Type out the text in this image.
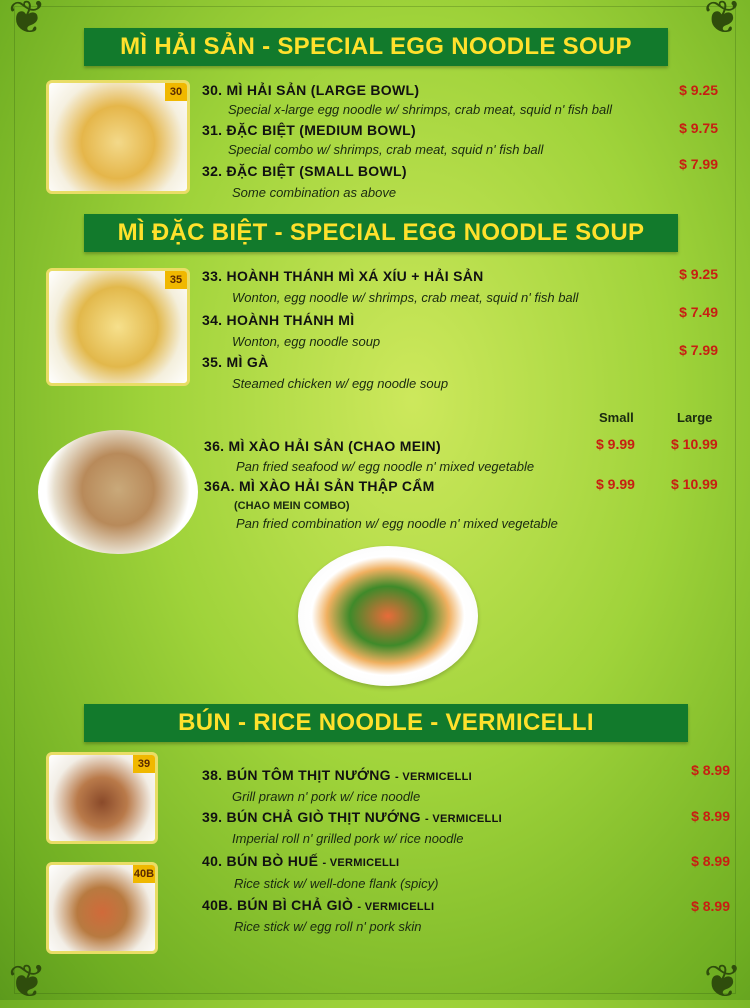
❦	❦
❦	❦
MÌ HẢI SẢN - SPECIAL EGG NOODLE SOUP
30	30. MÌ HẢI SẢN (LARGE BOWL)
Special x-large egg noodle w/ shrimps, crab meat, squid n' fish ball
$ 9.25
31. ĐẶC BIỆT (MEDIUM BOWL)
Special combo w/ shrimps, crab meat, squid n' fish ball
$ 9.75
32. ĐẶC BIỆT (SMALL BOWL)
Some combination as above
$ 7.99
MÌ ĐẶC BIỆT - SPECIAL EGG NOODLE SOUP
35	33. HOÀNH THÁNH MÌ XÁ XÍU + HẢI SẢN
Wonton, egg noodle w/ shrimps, crab meat, squid n' fish ball
$ 9.25
34. HOÀNH THÁNH MÌ
Wonton, egg noodle soup
$ 7.49
35. MÌ GÀ
Steamed chicken w/ egg noodle soup
$ 7.99
Small	Large
36. MÌ XÀO HẢI SẢN (CHAO MEIN)
Pan fried seafood w/ egg noodle n' mixed vegetable
$ 9.99	$ 10.99
36A. MÌ XÀO HẢI SẢN THẬP CẨM
(CHAO MEIN COMBO)
Pan fried combination w/ egg noodle n' mixed vegetable
$ 9.99	$ 10.99
BÚN - RICE NOODLE - VERMICELLI
39
40B
38. BÚN TÔM THỊT NƯỚNG - VERMICELLI
Grill prawn n' pork w/ rice noodle
$ 8.99
39. BÚN CHẢ GIÒ THỊT NƯỚNG - VERMICELLI
Imperial roll n' grilled pork w/ rice noodle
$ 8.99
40. BÚN BÒ HUẾ - VERMICELLI
Rice stick w/ well-done flank (spicy)
$ 8.99
40B. BÚN BÌ CHẢ GIÒ - VERMICELLI
Rice stick w/ egg roll n' pork skin
$ 8.99
